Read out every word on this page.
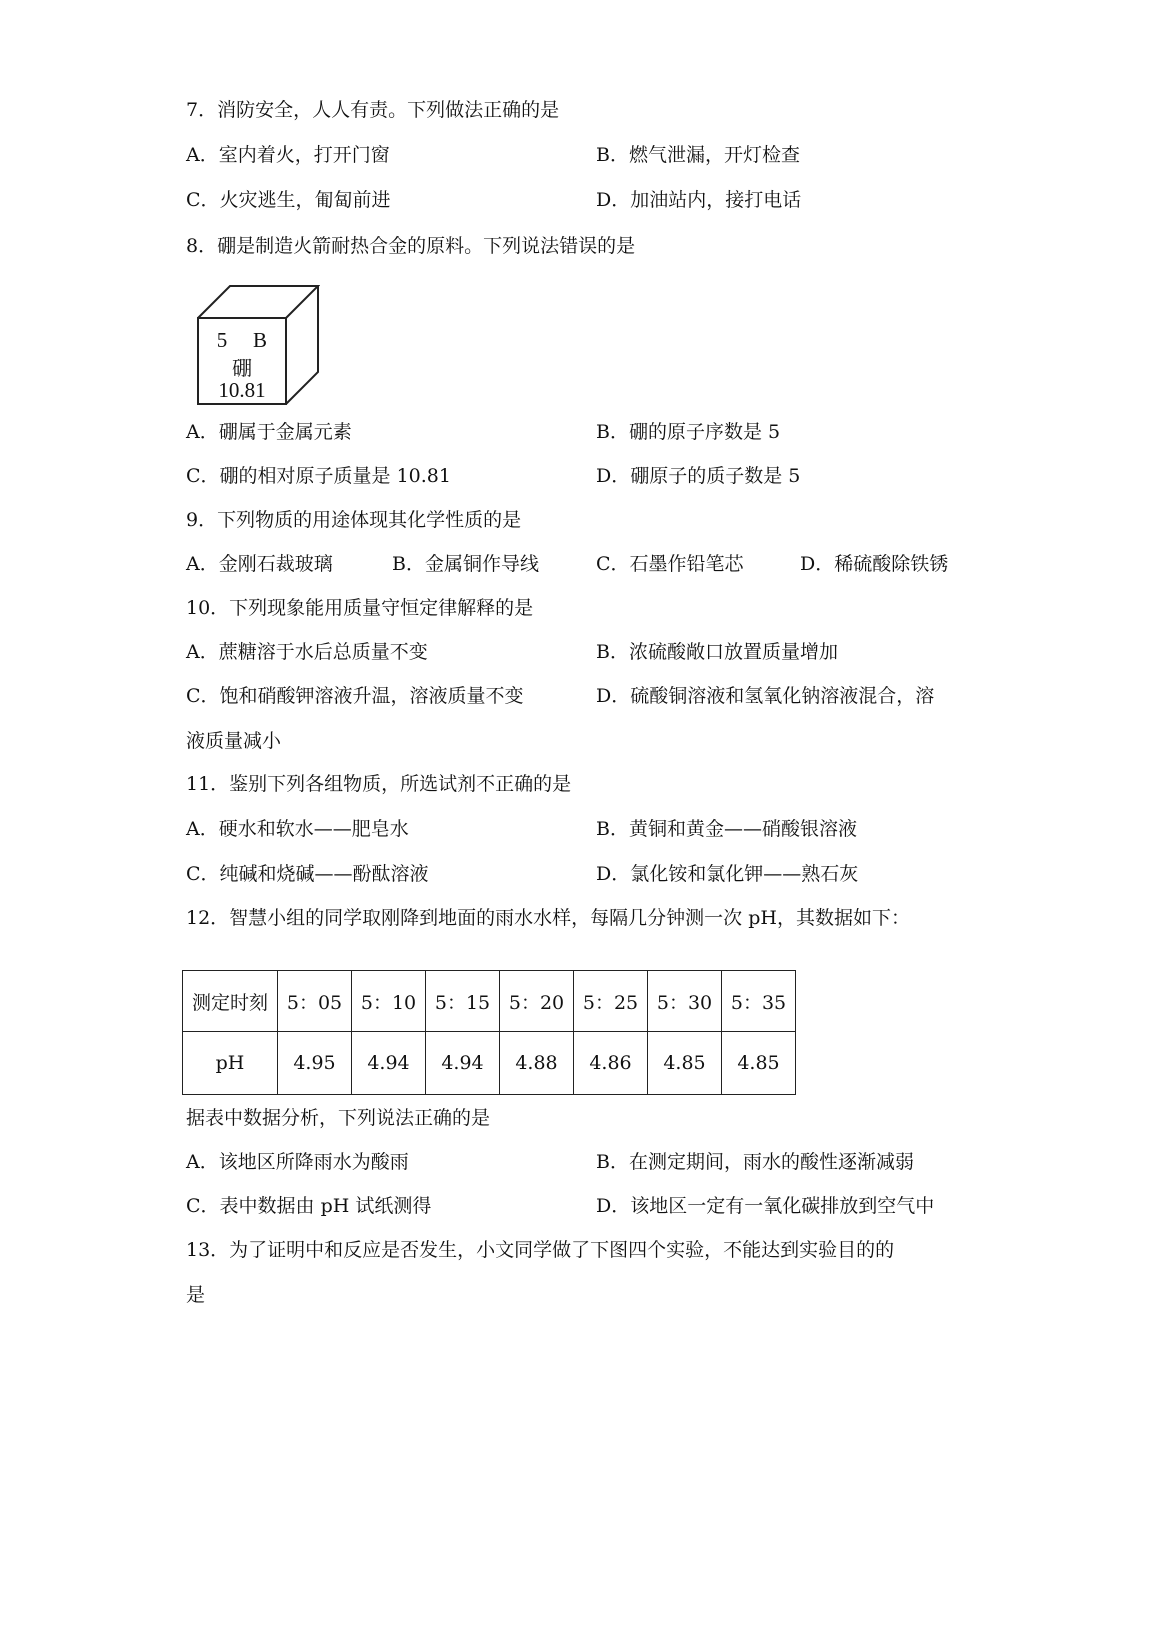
7．消防安全，人人有责。下列做法正确的是
A．室内着火，打开门窗	B．燃气泄漏，开灯检查
C．火灾逃生，匍匐前进	D．加油站内，接打电话
8．硼是制造火箭耐热合金的原料。下列说法错误的是
5	B
硼
10.81
A．硼属于金属元素	B．硼的原子序数是 5
C．硼的相对原子质量是 10.81	D．硼原子的质子数是 5
9．下列物质的用途体现其化学性质的是
A．金刚石裁玻璃	B．金属铜作导线	C．石墨作铅笔芯	D．稀硫酸除铁锈
10．下列现象能用质量守恒定律解释的是
A．蔗糖溶于水后总质量不变	B．浓硫酸敞口放置质量增加
C．饱和硝酸钾溶液升温，溶液质量不变	D．硫酸铜溶液和氢氧化钠溶液混合，溶
液质量减小
11．鉴别下列各组物质，所选试剂不正确的是
A．硬水和软水——肥皂水	B．黄铜和黄金——硝酸银溶液
C．纯碱和烧碱——酚酞溶液	D．氯化铵和氯化钾——熟石灰
12．智慧小组的同学取刚降到地面的雨水水样，每隔几分钟测一次 pH，其数据如下：
测定时刻	5：05	5：10	5：15	5：20	5：25	5：30	5：35
pH	4.95	4.94	4.94	4.88	4.86	4.85	4.85
据表中数据分析，下列说法正确的是
A．该地区所降雨水为酸雨	B．在测定期间，雨水的酸性逐渐减弱
C．表中数据由 pH 试纸测得	D．该地区一定有一氧化碳排放到空气中
13．为了证明中和反应是否发生，小文同学做了下图四个实验，不能达到实验目的的
是
